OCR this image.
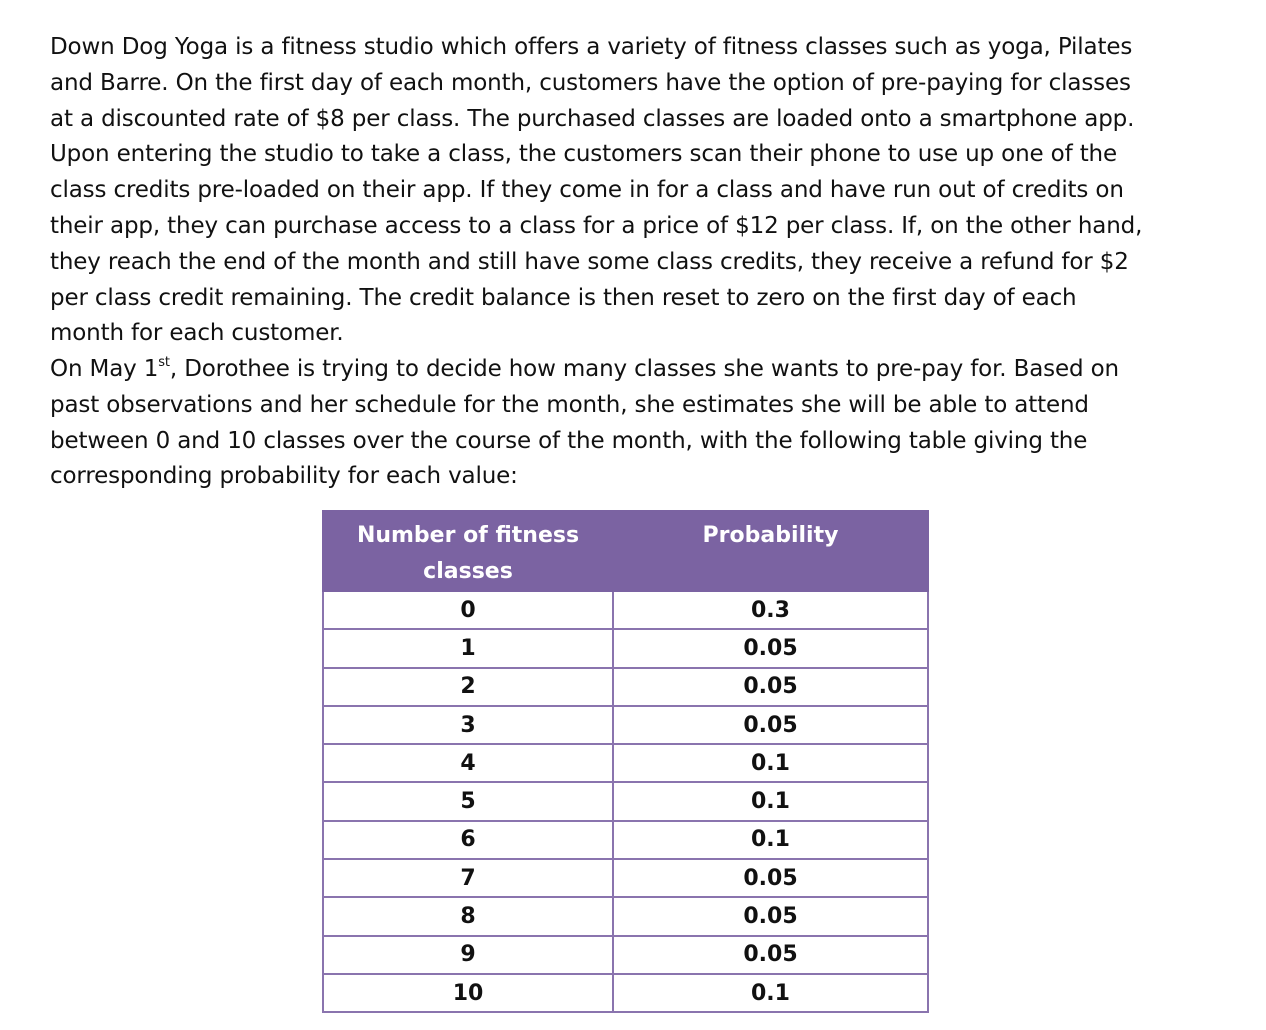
Down Dog Yoga is a fitness studio which offers a variety of fitness classes such as yoga, Pilates
and Barre. On the first day of each month, customers have the option of pre-paying for classes
at a discounted rate of $8 per class. The purchased classes are loaded onto a smartphone app.
Upon entering the studio to take a class, the customers scan their phone to use up one of the
class credits pre-loaded on their app. If they come in for a class and have run out of credits on
their app, they can purchase access to a class for a price of $12 per class. If, on the other hand,
they reach the end of the month and still have some class credits, they receive a refund for $2
per class credit remaining. The credit balance is then reset to zero on the first day of each
month for each customer.
On May 1st, Dorothee is trying to decide how many classes she wants to pre-pay for. Based on
past observations and her schedule for the month, she estimates she will be able to attend
between 0 and 10 classes over the course of the month, with the following table giving the
corresponding probability for each value:
Number of fitness
classes	Probability
0	0.3
1	0.05
2	0.05
3	0.05
4	0.1
5	0.1
6	0.1
7	0.05
8	0.05
9	0.05
10	0.1
